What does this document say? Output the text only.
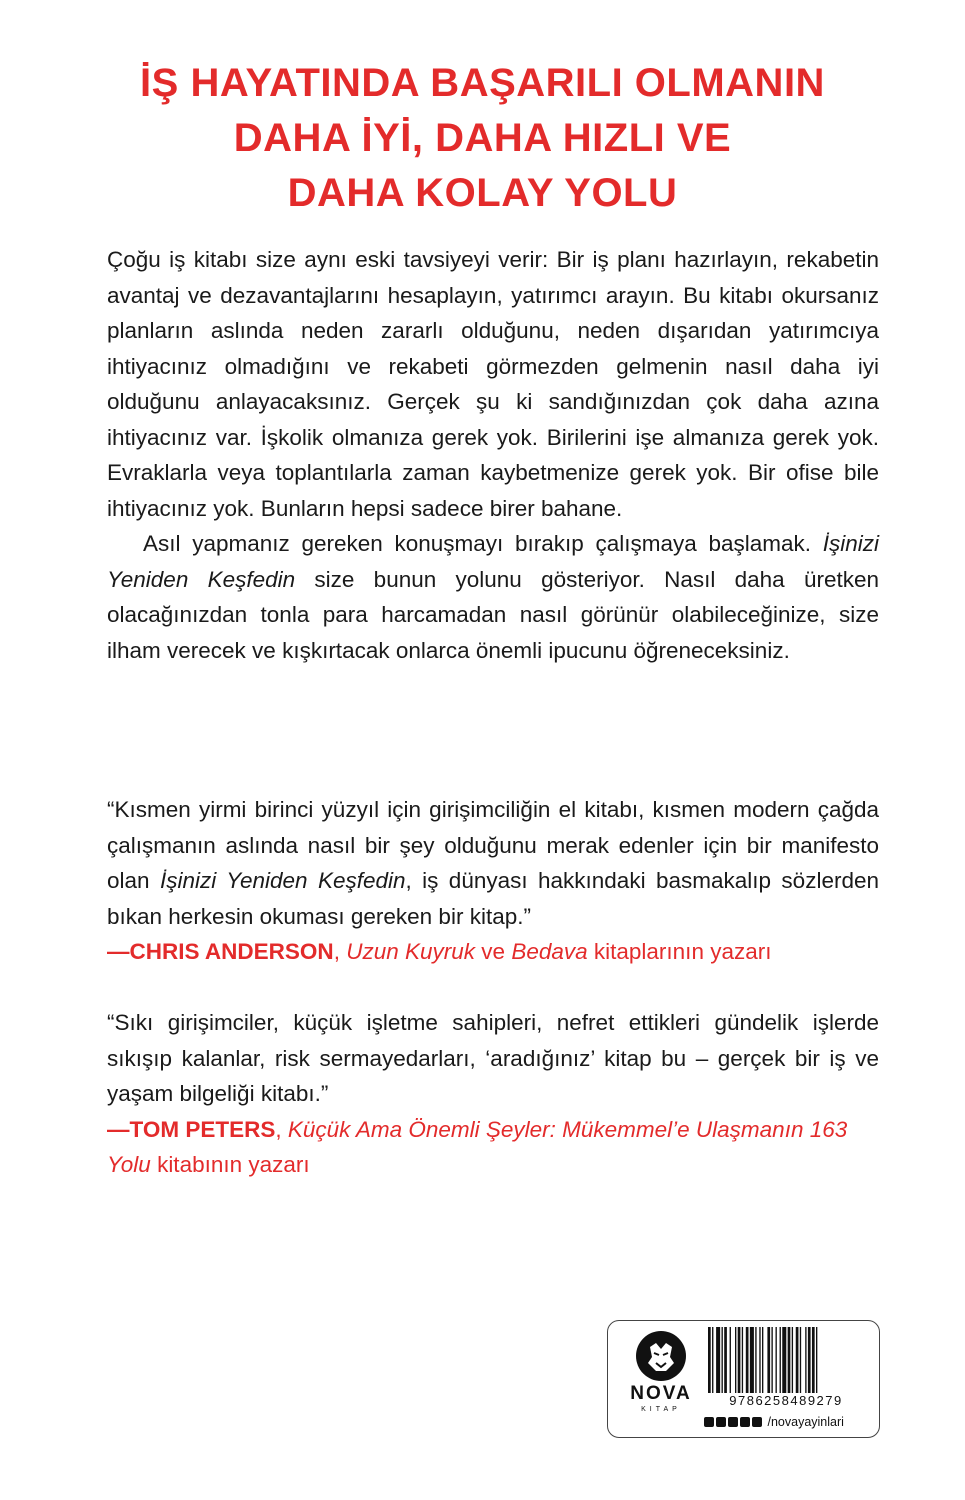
İŞ HAYATINDA BAŞARILI OLMANIN
DAHA İYİ, DAHA HIZLI VE
DAHA KOLAY YOLU

Çoğu iş kitabı size aynı eski tavsiyeyi verir: Bir iş planı hazırlayın, rekabetin avantaj ve dezavantajlarını hesaplayın, yatırımcı arayın. Bu kitabı okursanız planların aslında neden zararlı olduğunu, neden dışarıdan yatırımcıya ihtiyacınız olmadığını ve rekabeti görmezden gelmenin nasıl daha iyi olduğunu anlayacaksınız. Gerçek şu ki sandığınızdan çok daha azına ihtiyacınız var. İşkolik olmanıza gerek yok. Birilerini işe almanıza gerek yok. Evraklarla veya toplantılarla zaman kaybetmenize gerek yok. Bir ofise bile ihtiyacınız yok. Bunların hepsi sadece birer bahane.

Asıl yapmanız gereken konuşmayı bırakıp çalışmaya başlamak. İşinizi Yeniden Keşfedin size bunun yolunu gösteriyor. Nasıl daha üretken olacağınızdan tonla para harcamadan nasıl görünür olabileceğinize, size ilham verecek ve kışkırtacak onlarca önemli ipucunu öğreneceksiniz.

“Kısmen yirmi birinci yüzyıl için girişimciliğin el kitabı, kısmen modern çağda çalışmanın aslında nasıl bir şey olduğunu merak edenler için bir manifesto olan İşinizi Yeniden Keşfedin, iş dünyası hakkındaki basmakalıp sözlerden bıkan herkesin okuması gereken bir kitap.”

—CHRIS ANDERSON, Uzun Kuyruk ve Bedava kitaplarının yazarı

“Sıkı girişimciler, küçük işletme sahipleri, nefret ettikleri gündelik işlerde sıkışıp kalanlar, risk sermayedarları, ‘aradığınız’ kitap bu – gerçek bir iş ve yaşam bilgeliği kitabı.”

—TOM PETERS, Küçük Ama Önemli Şeyler: Mükemmel’e Ulaşmanın 163 Yolu kitabının yazarı

NOVA
KITAP
9786258489279
/novayayinlari
